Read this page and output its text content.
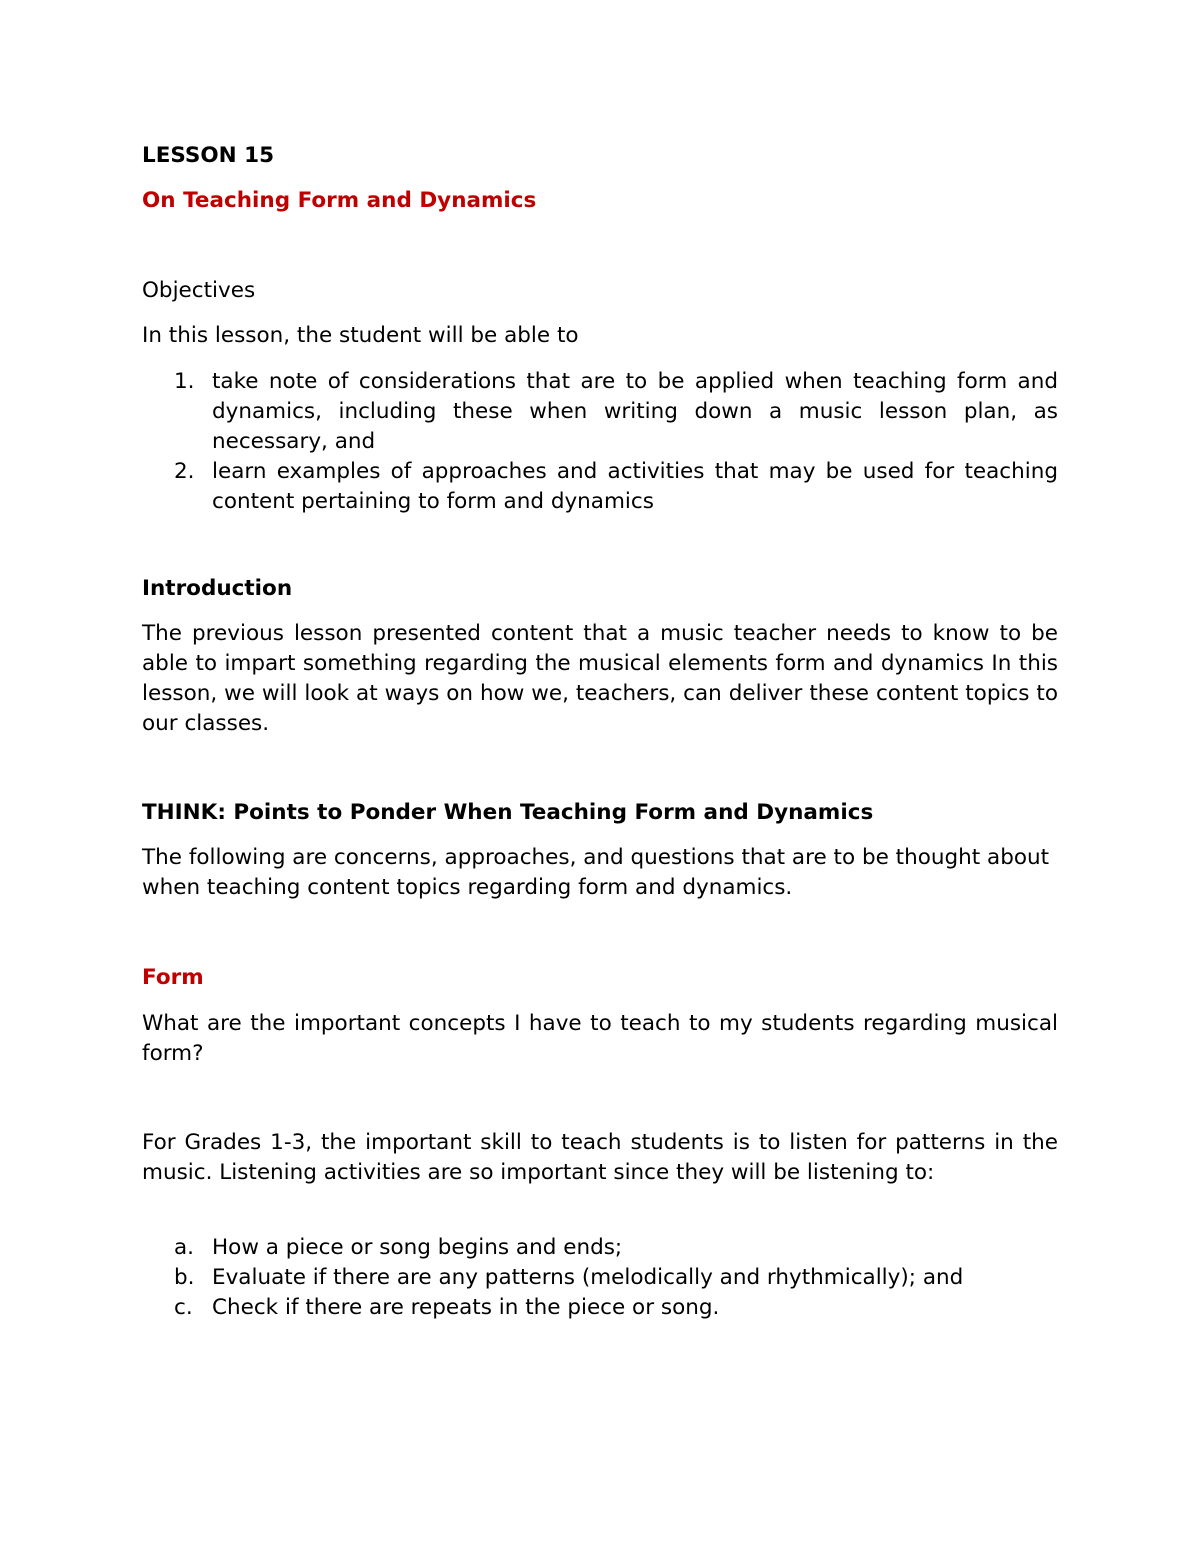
LESSON 15

On Teaching Form and Dynamics

Objectives

In this lesson, the student will be able to

1. take note of considerations that are to be applied when teaching form and dynamics, including these when writing down a music lesson plan, as necessary, and
2. learn examples of approaches and activities that may be used for teaching content pertaining to form and dynamics

Introduction

The previous lesson presented content that a music teacher needs to know to be able to impart something regarding the musical elements form and dynamics In this lesson, we will look at ways on how we, teachers, can deliver these content topics to our classes.

THINK: Points to Ponder When Teaching Form and Dynamics

The following are concerns, approaches, and questions that are to be thought about when teaching content topics regarding form and dynamics.

Form

What are the important concepts I have to teach to my students regarding musical form?

For Grades 1-3, the important skill to teach students is to listen for patterns in the music. Listening activities are so important since they will be listening to:

a. How a piece or song begins and ends;
b. Evaluate if there are any patterns (melodically and rhythmically); and
c. Check if there are repeats in the piece or song.
